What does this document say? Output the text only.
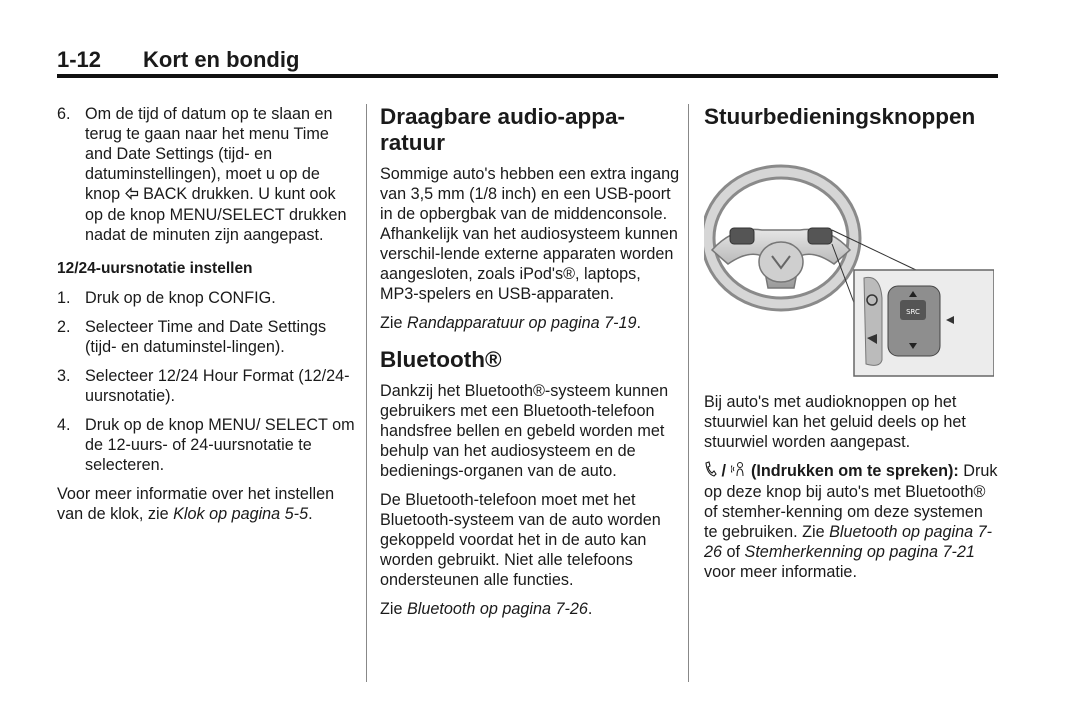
1-12 Kort en bondig
6. Om de tijd of datum op te slaan en terug te gaan naar het menu Time and Date Settings (tijd- en datuminstellingen), moet u op de knop  BACK drukken. U kunt ook op de knop MENU/SELECT drukken nadat de minuten zijn aangepast.
12/24-uursnotatie instellen
1. Druk op de knop CONFIG.
2. Selecteer Time and Date Settings (tijd- en datuminstel-lingen).
3. Selecteer 12/24 Hour Format (12/24-uursnotatie).
4. Druk op de knop MENU/ SELECT om de 12-uurs- of 24-uursnotatie te selecteren.

Voor meer informatie over het instellen van de klok, zie Klok op pagina 5-5.

Draagbare audio-appa-ratuur

Sommige auto's hebben een extra ingang van 3,5 mm (1/8 inch) en een USB-poort in de opbergbak van de middenconsole. Afhankelijk van het audiosysteem kunnen verschil-lende externe apparaten worden aangesloten, zoals iPod's®, laptops, MP3-spelers en USB-apparaten.

Zie Randapparatuur op pagina 7-19.

Bluetooth®

Dankzij het Bluetooth®-systeem kunnen gebruikers met een Bluetooth-telefoon handsfree bellen en gebeld worden met behulp van het audiosysteem en de bedienings-organen van de auto.

De Bluetooth-telefoon moet met het Bluetooth-systeem van de auto worden gekoppeld voordat het in de auto kan worden gebruikt. Niet alle telefoons ondersteunen alle functies.

Zie Bluetooth op pagina 7-26.

Stuurbedieningsknoppen
SRC

Bij auto's met audioknoppen op het stuurwiel kan het geluid deels op het stuurwiel worden aangepast.

/  (Indrukken om te spreken): Druk op deze knop bij auto's met Bluetooth® of stemher-kenning om deze systemen te gebruiken. Zie Bluetooth op pagina 7-26 of Stemherkenning op pagina 7-21 voor meer informatie.
